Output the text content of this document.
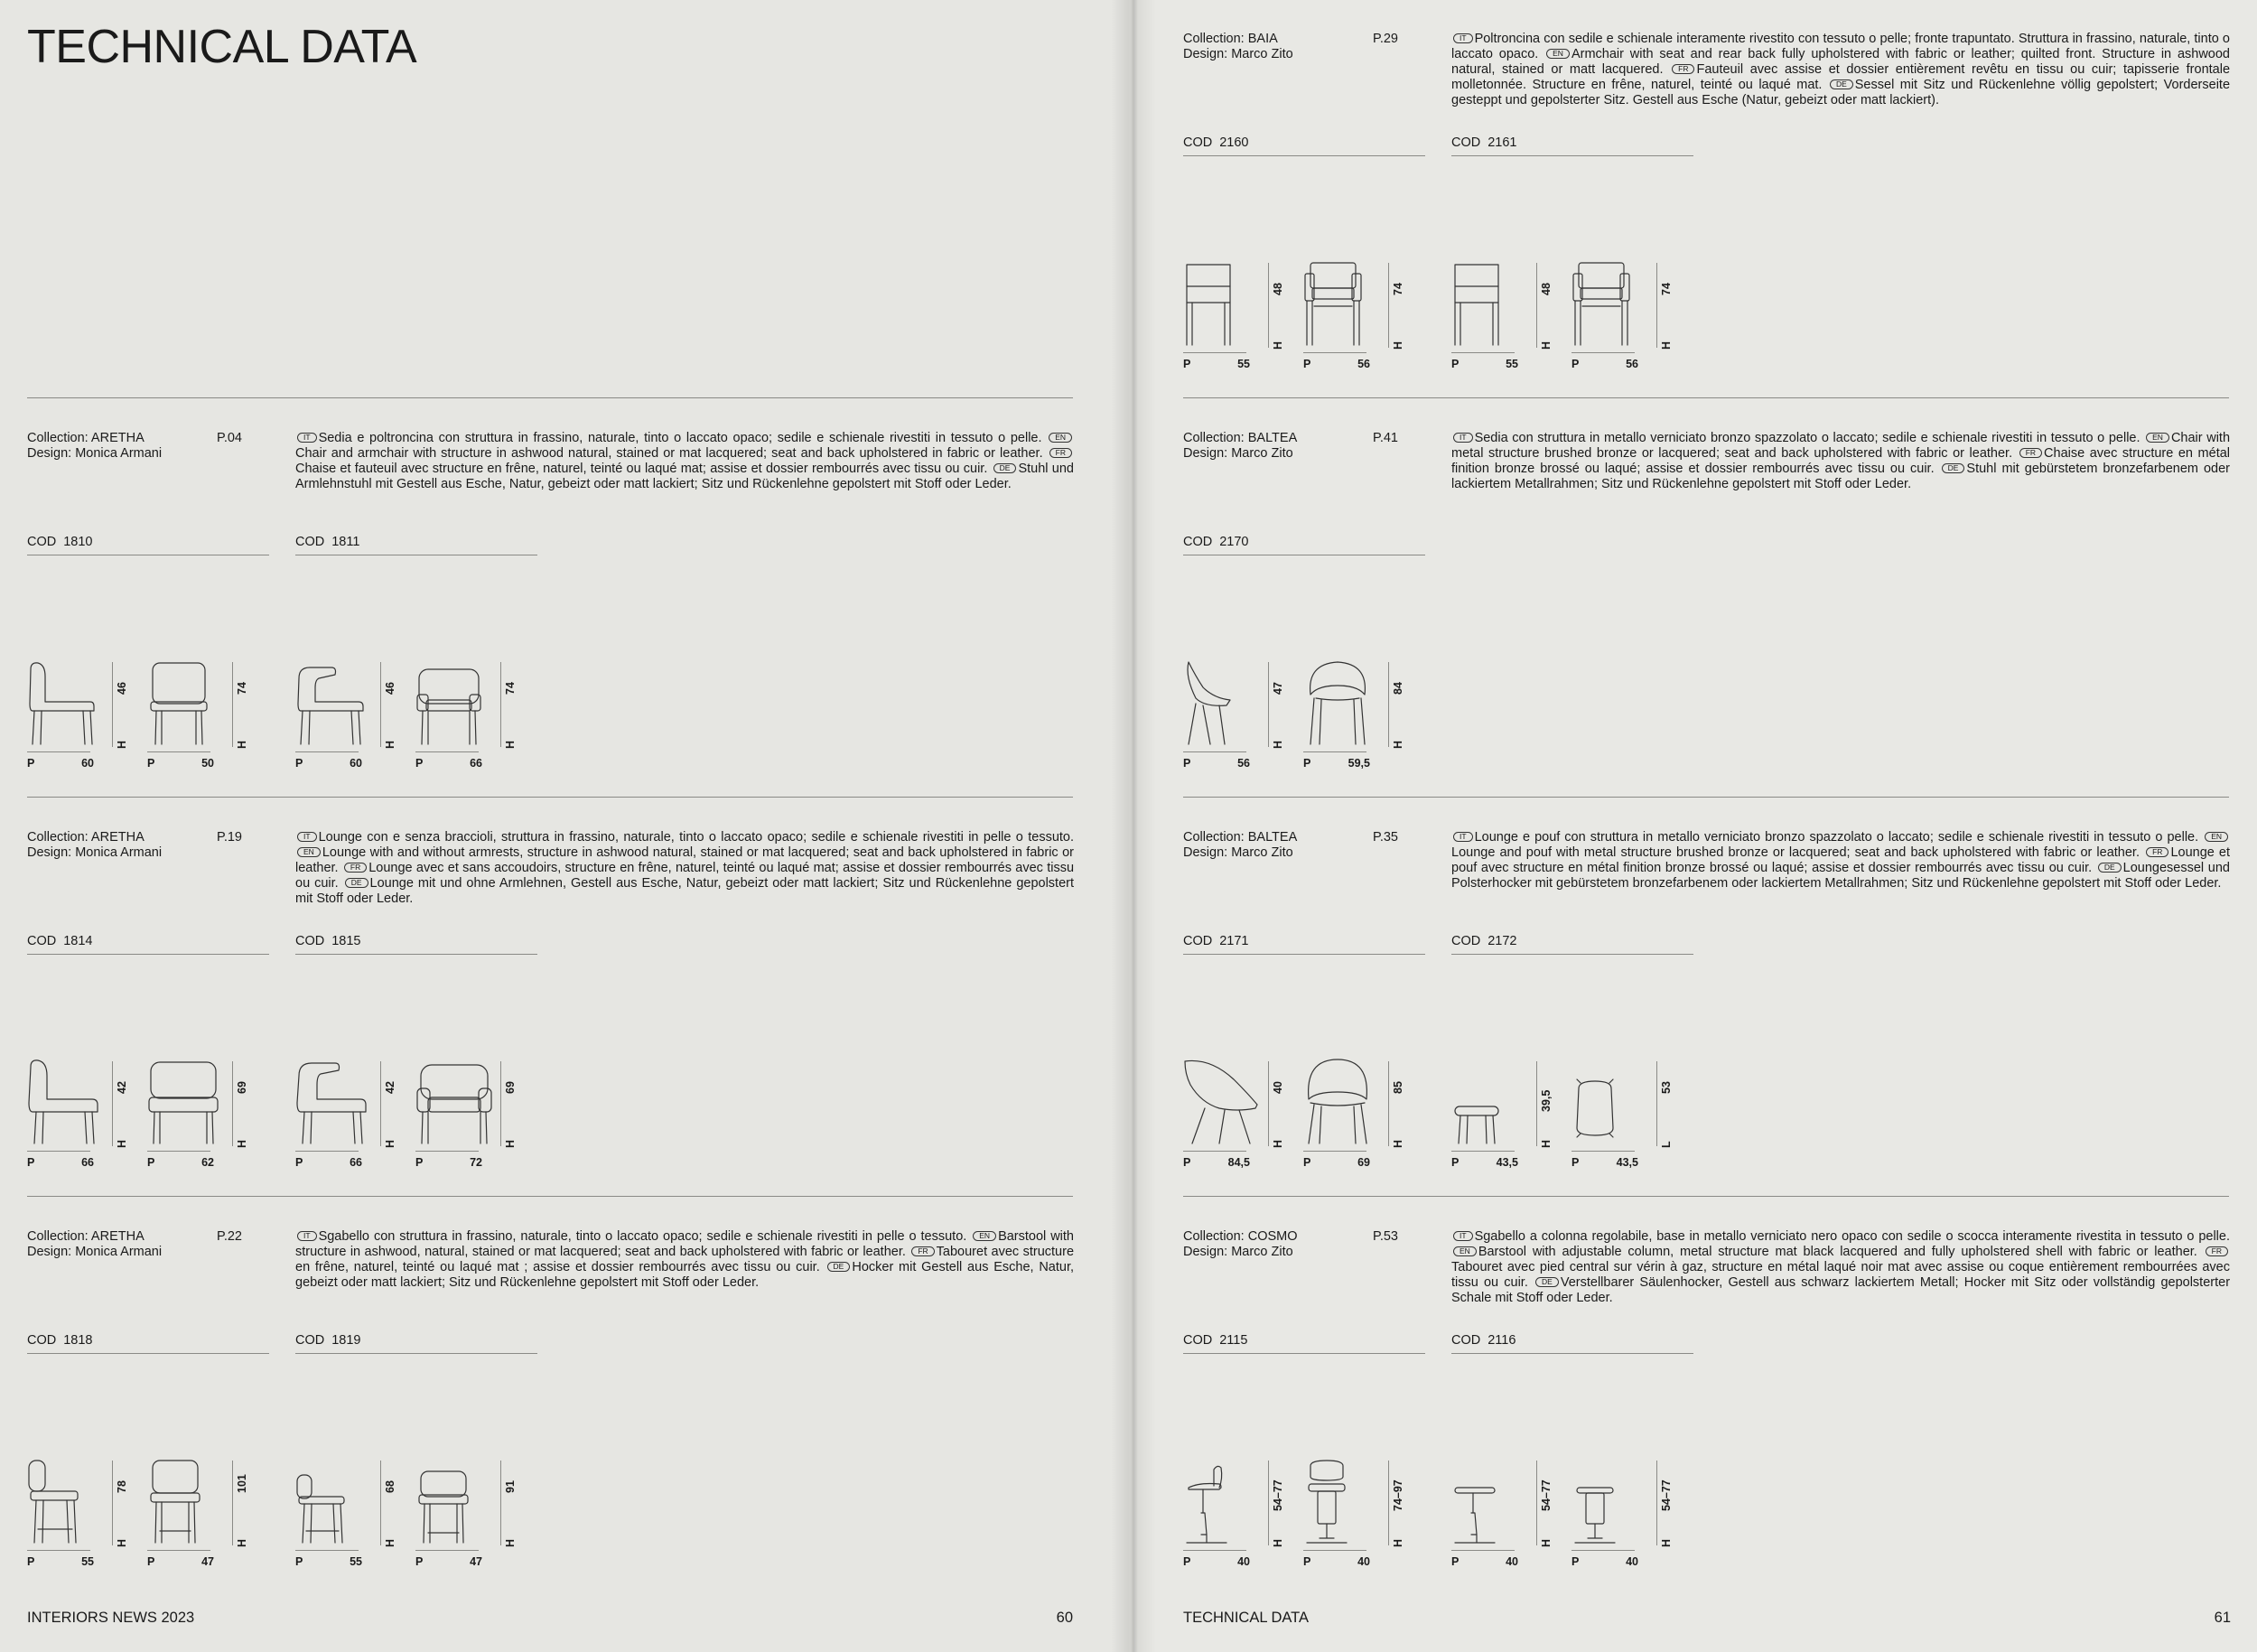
TECHNICAL DATA
INTERIORS NEWS 2023	60
Collection: ARETHA
Design: Monica Armani
P.04	IT Sedia e poltroncina con struttura in frassino, naturale, tinto o laccato opaco; sedile e schienale rivestiti in tessuto o pelle. ENChair and armchair with structure in ashwood natural, stained or mat lacquered; seat and back upholstered in fabric or leather. FRChaise et fauteuil avec structure en frêne, naturel, teinté ou laqué mat; assise et dossier rembourrés avec tissu ou cuir. DE Stuhl und Armlehnstuhl mit Gestell aus Esche, Natur, gebeizt oder matt lackiert; Sitz und Rückenlehne gepolstert mit Stoff oder Leder.
COD 1810
P	60
H
46
P	50
H
74
COD 1811
P	60
H
46
P	66
H
74
Collection: ARETHA
Design: Monica Armani
P.19	IT Lounge con e senza braccioli, struttura in frassino, naturale, tinto o laccato opaco; sedile e schienale rivestiti in pelle o tessuto. EN Lounge with and without armrests, structure in ashwood natural, stained or mat lacquered; seat and back upholstered in fabric or leather. FR Lounge avec et sans accoudoirs, structure en frêne, naturel, teinté ou laqué mat; assise et dossier rembourrés avec tissu ou cuir. DE Lounge mit und ohne Armlehnen, Gestell aus Esche, Natur, gebeizt oder matt lackiert; Sitz und Rückenlehne gepolstert mit Stoff oder Leder.
COD 1814
P	66
H
42
P	62
H
69
COD 1815
P	66
H
42
P	72
H
69
Collection: ARETHA
Design: Monica Armani
P.22	IT Sgabello con struttura in frassino, naturale, tinto o laccato opaco; sedile e schienale rivestiti in pelle o tessuto. EN Barstool with structure in ashwood, natural, stained or mat lacquered; seat and back upholstered with fabric or leather. FR Tabouret avec structure en frêne, naturel, teinté ou laqué mat ; assise et dossier rembourrés avec tissu ou cuir. DE Hocker mit Gestell aus Esche, Natur, gebeizt oder matt lackiert; Sitz und Rückenlehne gepolstert mit Stoff oder Leder.
COD 1818
P	55
H
78
P	47
H
101
COD 1819
P	55
H
68
P	47
H
91
TECHNICAL DATA	61
Collection: BAIA
Design: Marco Zito
P.29	IT Poltroncina con sedile e schienale interamente rivestito con tessuto o pelle; fronte trapuntato. Struttura in frassino, naturale, tinto o laccato opaco. EN Armchair with seat and rear back fully upholstered with fabric or leather; quilted front. Structure in ashwood natural, stained or matt lacquered. FR Fauteuil avec assise et dossier entièrement revêtu en tissu ou cuir; tapisserie frontale molletonnée. Structure en frêne, naturel, teinté ou laqué mat. DE Sessel mit Sitz und Rückenlehne völlig gepolstert; Vorderseite gesteppt und gepolsterter Sitz. Gestell aus Esche (Natur, gebeizt oder matt lackiert).
COD 2160
P	55
H
48
P	56
H
74
COD 2161
P	55
H
48
P	56
H
74
Collection: BALTEA
Design: Marco Zito
P.41	IT Sedia con struttura in metallo verniciato bronzo spazzolato o laccato; sedile e schienale rivestiti in tessuto o pelle. EN Chair with metal structure brushed bronze or lacquered; seat and back upholstered with fabric or leather. FR Chaise avec structure en métal finition bronze brossé ou laqué; assise et dossier rembourrés avec tissu ou cuir. DE Stuhl mit gebürstetem bronzefarbenem oder lackiertem Metallrahmen; Sitz und Rückenlehne gepolstert mit Stoff oder Leder.
COD 2170
P	56
H
47
P	59,5
H
84
Collection: BALTEA
Design: Marco Zito
P.35	IT Lounge e pouf con struttura in metallo verniciato bronzo spazzolato o laccato; sedile e schienale rivestiti in tessuto o pelle. ENLounge and pouf with metal structure brushed bronze or lacquered; seat and back upholstered with fabric or leather. FR Lounge et pouf avec structure en métal finition bronze brossé ou laqué; assise et dossier rembourrés avec tissu ou cuir. DE Loungesessel und Polsterhocker mit gebürstetem bronzefarbenem oder lackiertem Metallrahmen; Sitz und Rückenlehne gepolstert mit Stoff oder Leder.
COD 2171
P	84,5
H
40
P	69
H
85
COD 2172
P	43,5
H
39,5
P	43,5
L
53
Collection: COSMO
Design: Marco Zito
P.53	IT Sgabello a colonna regolabile, base in metallo verniciato nero opaco con sedile o scocca interamente rivestita in tessuto o pelle. EN Barstool with adjustable column, metal structure mat black lacquered and fully upholstered shell with fabric or leather. FRTabouret avec pied central sur vérin à gaz, structure en métal laqué noir mat avec assise ou coque entièrement rembourrées avec tissu ou cuir. DE Verstellbarer Säulenhocker, Gestell aus schwarz lackiertem Metall; Hocker mit Sitz oder vollständig gepolsterter Schale mit Stoff oder Leder.
COD 2115
P	40
H
54–77
P	40
H
74–97
COD 2116
P	40
H
54–77
P	40
H
54–77
